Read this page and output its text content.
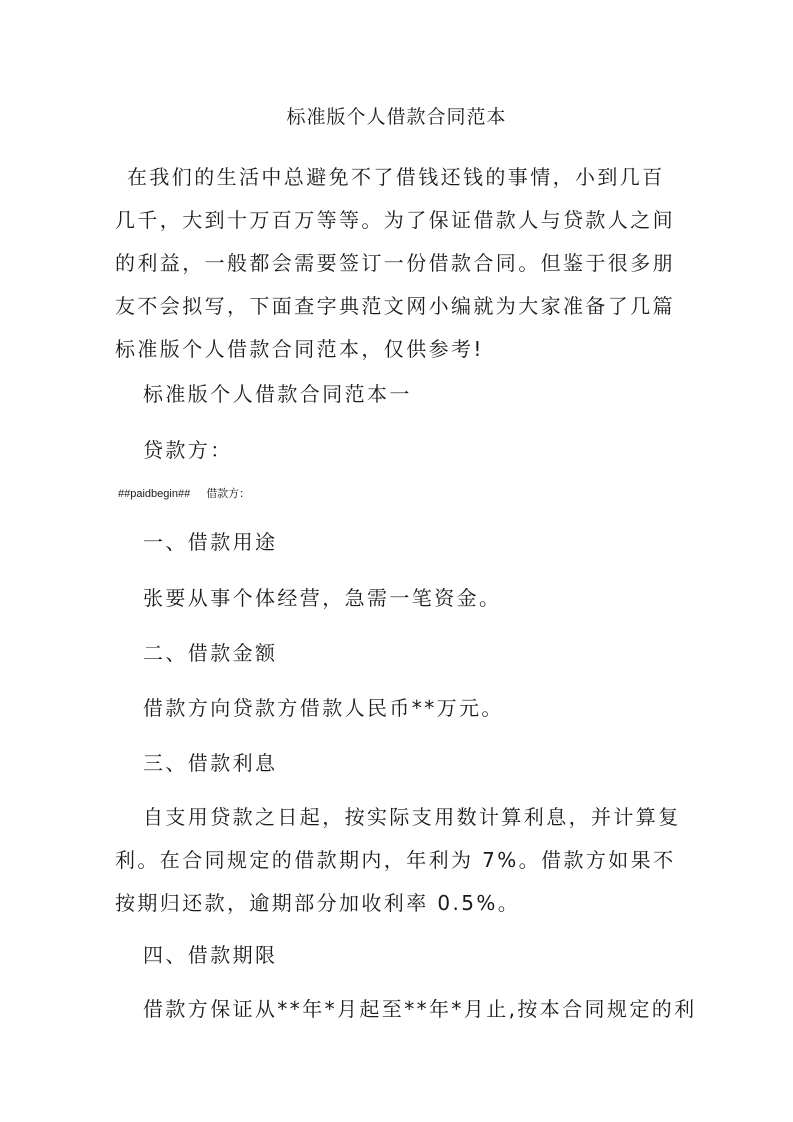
标准版个人借款合同范本

在我们的生活中总避免不了借钱还钱的事情，小到几百几千，大到十万百万等等。为了保证借款人与贷款人之间的利益，一般都会需要签订一份借款合同。但鉴于很多朋友不会拟写，下面查字典范文网小编就为大家准备了几篇标准版个人借款合同范本，仅供参考!

标准版个人借款合同范本一
贷款方：
##paidbegin## 借款方：
一、借款用途
张要从事个体经营，急需一笔资金。
二、借款金额
借款方向贷款方借款人民币**万元。
三、借款利息

自支用贷款之日起，按实际支用数计算利息，并计算复利。在合同规定的借款期内，年利为 7%。借款方如果不按期归还款，逾期部分加收利率 0.5%。

四、借款期限
借款方保证从**年*月起至**年*月止,按本合同规定的利
